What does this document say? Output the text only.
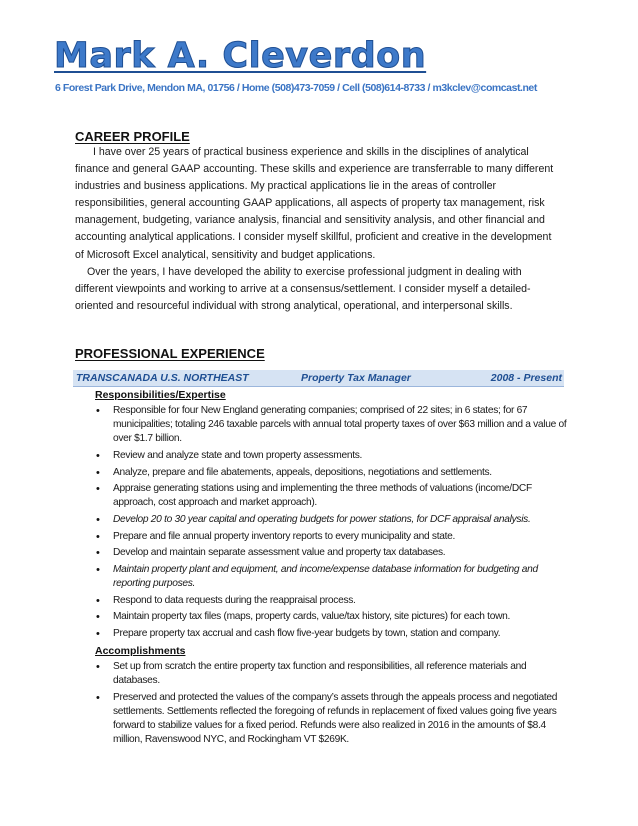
Mark A. Cleverdon
6 Forest Park Drive, Mendon MA, 01756 / Home (508)473-7059 / Cell (508)614-8733 / m3kclev@comcast.net
CAREER PROFILE

I have over 25 years of practical business experience and skills in the disciplines of analytical finance and general GAAP accounting. These skills and experience are transferrable to many different industries and business applications. My practical applications lie in the areas of controller responsibilities, general accounting GAAP applications, all aspects of property tax management, risk management, budgeting, variance analysis, financial and sensitivity analysis, and other financial and accounting analytical applications. I consider myself skillful, proficient and creative in the development of Microsoft Excel analytical, sensitivity and budget applications.

Over the years, I have developed the ability to exercise professional judgment in dealing with different viewpoints and working to arrive at a consensus/settlement. I consider myself a detailed-oriented and resourceful individual with strong analytical, operational, and interpersonal skills.

PROFESSIONAL EXPERIENCE
TRANSCANADA U.S. NORTHEAST	Property Tax Manager	2008 - Present
Responsibilities/Expertise
• Responsible for four New England generating companies; comprised of 22 sites; in 6 states; for 67 municipalities; totaling 246 taxable parcels with annual total property taxes of over $63 million and a value of over $1.7 billion.
• Review and analyze state and town property assessments.
• Analyze, prepare and file abatements, appeals, depositions, negotiations and settlements.
• Appraise generating stations using and implementing the three methods of valuations (income/DCF approach, cost approach and market approach).
• Develop 20 to 30 year capital and operating budgets for power stations, for DCF appraisal analysis.
• Prepare and file annual property inventory reports to every municipality and state.
• Develop and maintain separate assessment value and property tax databases.
• Maintain property plant and equipment, and income/expense database information for budgeting and reporting purposes.
• Respond to data requests during the reappraisal process.
• Maintain property tax files (maps, property cards, value/tax history, site pictures) for each town.
• Prepare property tax accrual and cash flow five-year budgets by town, station and company.
Accomplishments
• Set up from scratch the entire property tax function and responsibilities, all reference materials and databases.
• Preserved and protected the values of the company’s assets through the appeals process and negotiated settlements. Settlements reflected the foregoing of refunds in replacement of fixed values going five years forward to stabilize values for a fixed period. Refunds were also realized in 2016 in the amounts of $8.4 million, Ravenswood NYC, and Rockingham VT $269K.
